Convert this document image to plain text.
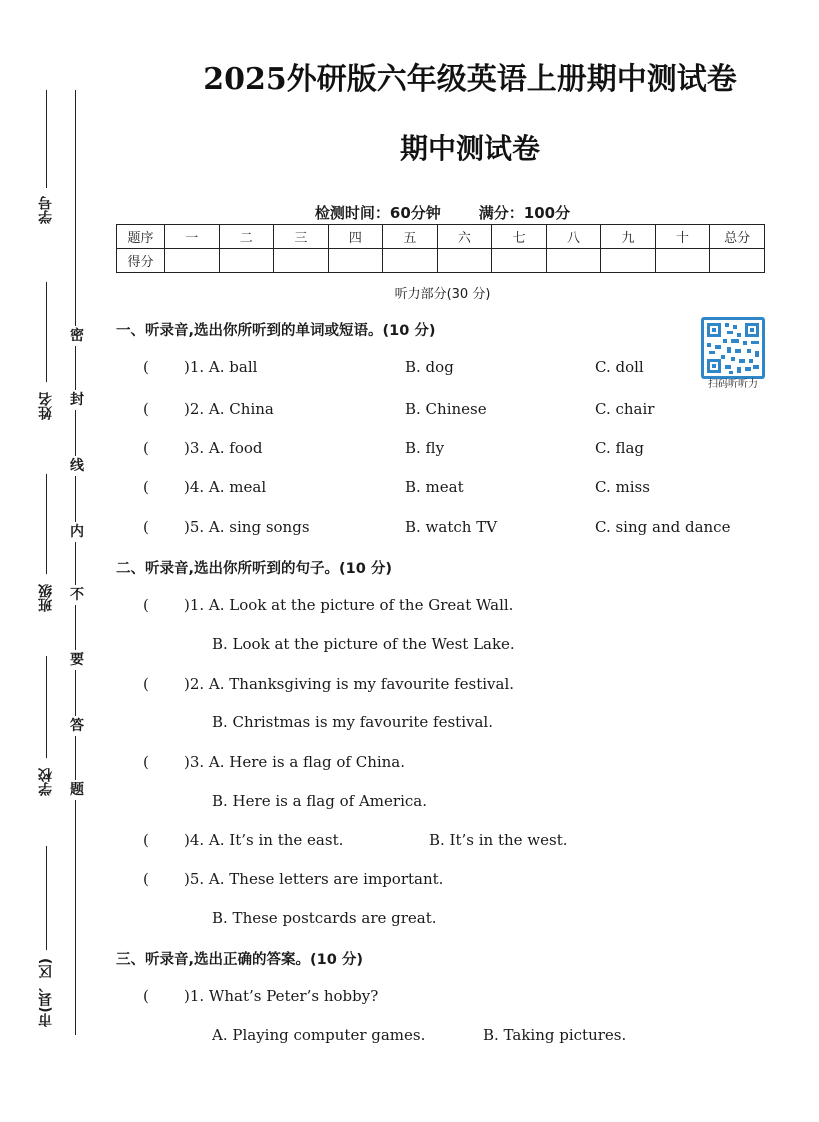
密
封
线
内
不
要
答
题
学号
姓名
班级
学校
市(县、区)
2025外研版六年级英语上册期中测试卷
期中测试卷
检测时间：60分钟	满分：100分
题序	一	二	三	四	五	六	七	八	九	十	总分
得分											
听力部分(30 分)
扫码听听力
一、听录音,选出你所听到的单词或短语。(10 分)
( )1. A. ball	B. dog	C. doll
( )2. A. China	B. Chinese	C. chair
( )3. A. food	B. fly	C. flag
( )4. A. meal	B. meat	C. miss
( )5. A. sing songs	B. watch TV	C. sing and dance
二、听录音,选出你所听到的句子。(10 分)
( )1. A. Look at the picture of the Great Wall.
B. Look at the picture of the West Lake.
( )2. A. Thanksgiving is my favourite festival.
B. Christmas is my favourite festival.
( )3. A. Here is a flag of China.
B. Here is a flag of America.
( )4. A. It’s in the east.	B. It’s in the west.
( )5. A. These letters are important.
B. These postcards are great.
三、听录音,选出正确的答案。(10 分)
( )1. What’s Peter’s hobby?
A. Playing computer games.	B. Taking pictures.
